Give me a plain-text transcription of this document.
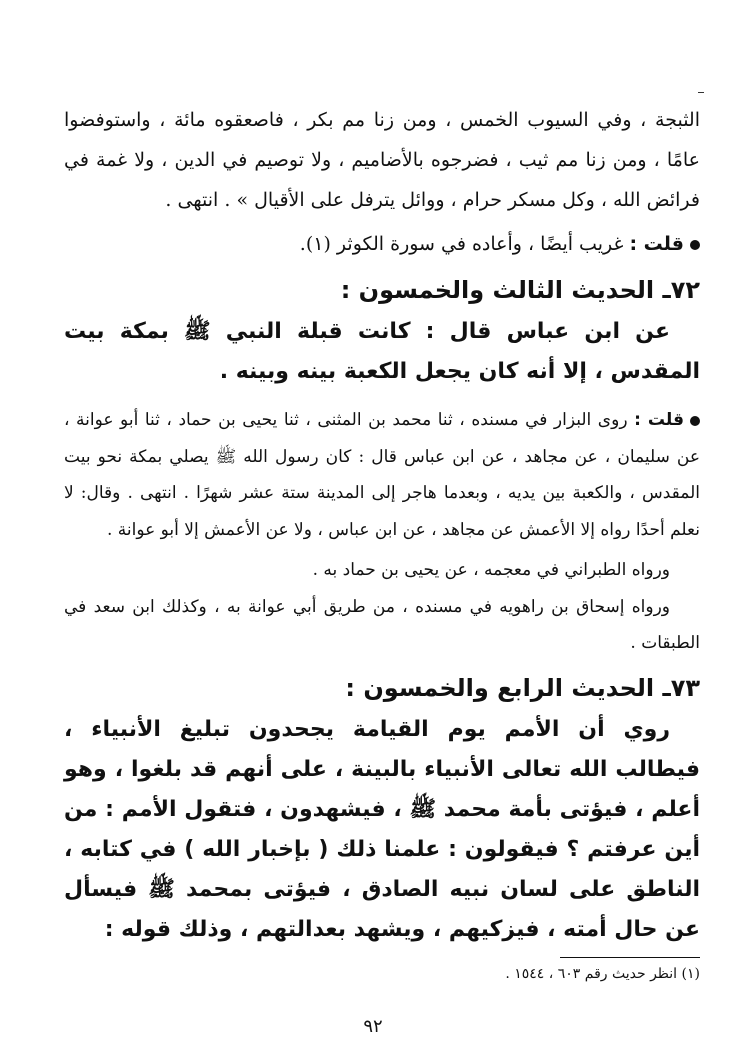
الثبجة ، وفي السيوب الخمس ، ومن زنا مم بكر ، فاصعقوه مائة ، واستوفضوا عامًا ، ومن زنا مم ثيب ، فضرجوه بالأضاميم ، ولا توصيم في الدين ، ولا غمة في فرائض الله ، وكل مسكر حرام ، ووائل يترفل على الأقيال » . انتهى .

قلت : غريب أيضًا ، وأعاده في سورة الكوثر (١).

٧٢ـ الحديث الثالث والخمسون :

عن ابن عباس قال : كانت قبلة النبي ﷺ بمكة بيت المقدس ، إلا أنه كان يجعل الكعبة بينه وبينه .

قلت : روى البزار في مسنده ، ثنا محمد بن المثنى ، ثنا يحيى بن حماد ، ثنا أبو عوانة ، عن سليمان ، عن مجاهد ، عن ابن عباس قال : كان رسول الله ﷺ يصلي بمكة نحو بيت المقدس ، والكعبة بين يديه ، وبعدما هاجر إلى المدينة ستة عشر شهرًا . انتهى . وقال: لا نعلم أحدًا رواه إلا الأعمش عن مجاهد ، عن ابن عباس ، ولا عن الأعمش إلا أبو عوانة .

ورواه الطبراني في معجمه ، عن يحيى بن حماد به .

ورواه إسحاق بن راهويه في مسنده ، من طريق أبي عوانة به ، وكذلك ابن سعد في الطبقات .

٧٣ـ الحديث الرابع والخمسون :

روي أن الأمم يوم القيامة يجحدون تبليغ الأنبياء ، فيطالب الله تعالى الأنبياء بالبينة ، على أنهم قد بلغوا ، وهو أعلم ، فيؤتى بأمة محمد ﷺ ، فيشهدون ، فتقول الأمم : من أين عرفتم ؟ فيقولون : علمنا ذلك ( بإخبار الله ) في كتابه ، الناطق على لسان نبيه الصادق ، فيؤتى بمحمد ﷺ فيسأل عن حال أمته ، فيزكيهم ، ويشهد بعدالتهم ، وذلك قوله :

(١) انظر حديث رقم ٦٠٣ ، ١٥٤٤ .
٩٢
